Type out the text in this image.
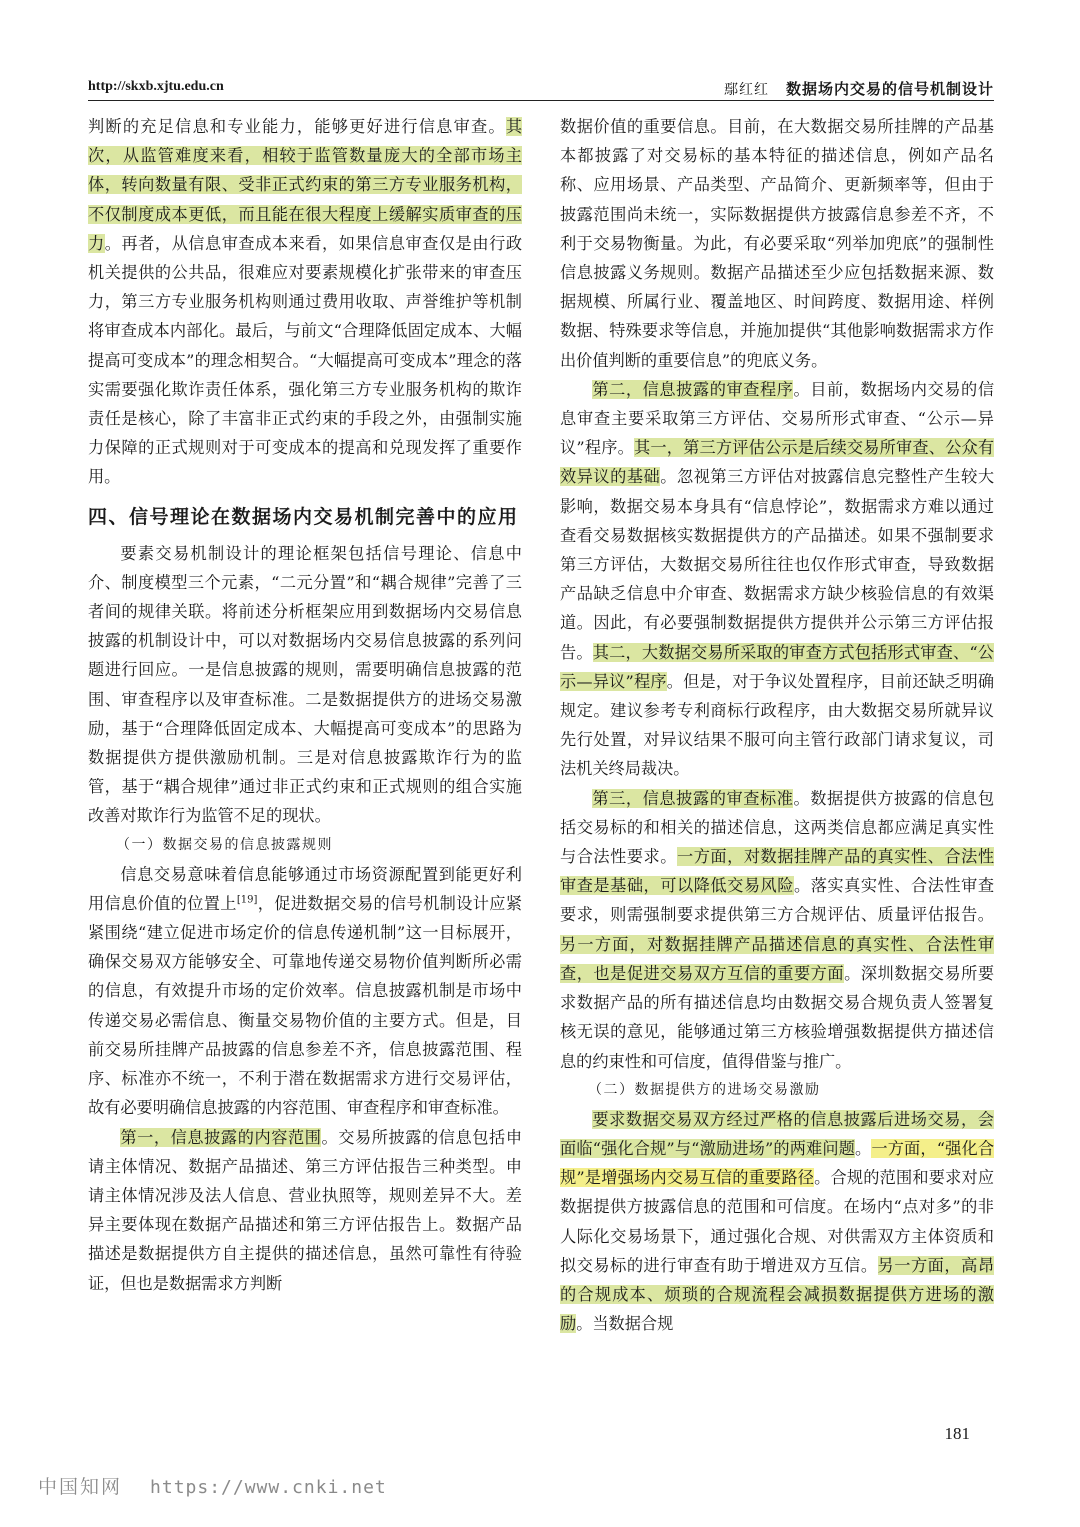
http://skxb.xjtu.edu.cn	鄢红红 数据场内交易的信号机制设计

判断的充足信息和专业能力，能够更好进行信息审查。其次，从监管难度来看，相较于监管数量庞大的全部市场主体，转向数量有限、受非正式约束的第三方专业服务机构，不仅制度成本更低，而且能在很大程度上缓解实质审查的压力。再者，从信息审查成本来看，如果信息审查仅是由行政机关提供的公共品，很难应对要素规模化扩张带来的审查压力，第三方专业服务机构则通过费用收取、声誉维护等机制将审查成本内部化。最后，与前文“合理降低固定成本、大幅提高可变成本”的理念相契合。“大幅提高可变成本”理念的落实需要强化欺诈责任体系，强化第三方专业服务机构的欺诈责任是核心，除了丰富非正式约束的手段之外，由强制实施力保障的正式规则对于可变成本的提高和兑现发挥了重要作用。

四、信号理论在数据场内交易机制完善中的应用

要素交易机制设计的理论框架包括信号理论、信息中介、制度模型三个元素，“二元分置”和“耦合规律”完善了三者间的规律关联。将前述分析框架应用到数据场内交易信息披露的机制设计中，可以对数据场内交易信息披露的系列问题进行回应。一是信息披露的规则，需要明确信息披露的范围、审查程序以及审查标准。二是数据提供方的进场交易激励，基于“合理降低固定成本、大幅提高可变成本”的思路为数据提供方提供激励机制。三是对信息披露欺诈行为的监管，基于“耦合规律”通过非正式约束和正式规则的组合实施改善对欺诈行为监管不足的现状。

（一）数据交易的信息披露规则

信息交易意味着信息能够通过市场资源配置到能更好利用信息价值的位置上[19]，促进数据交易的信号机制设计应紧紧围绕“建立促进市场定价的信息传递机制”这一目标展开，确保交易双方能够安全、可靠地传递交易物价值判断所必需的信息，有效提升市场的定价效率。信息披露机制是市场中传递交易必需信息、衡量交易物价值的主要方式。但是，目前交易所挂牌产品披露的信息参差不齐，信息披露范围、程序、标准亦不统一，不利于潜在数据需求方进行交易评估，故有必要明确信息披露的内容范围、审查程序和审查标准。

第一，信息披露的内容范围。交易所披露的信息包括申请主体情况、数据产品描述、第三方评估报告三种类型。申请主体情况涉及法人信息、营业执照等，规则差异不大。差异主要体现在数据产品描述和第三方评估报告上。数据产品描述是数据提供方自主提供的描述信息，虽然可靠性有待验证，但也是数据需求方判断

数据价值的重要信息。目前，在大数据交易所挂牌的产品基本都披露了对交易标的基本特征的描述信息，例如产品名称、应用场景、产品类型、产品简介、更新频率等，但由于披露范围尚未统一，实际数据提供方披露信息参差不齐，不利于交易物衡量。为此，有必要采取“列举加兜底”的强制性信息披露义务规则。数据产品描述至少应包括数据来源、数据规模、所属行业、覆盖地区、时间跨度、数据用途、样例数据、特殊要求等信息，并施加提供“其他影响数据需求方作出价值判断的重要信息”的兜底义务。

第二，信息披露的审查程序。目前，数据场内交易的信息审查主要采取第三方评估、交易所形式审查、“公示—异议”程序。其一，第三方评估公示是后续交易所审查、公众有效异议的基础。忽视第三方评估对披露信息完整性产生较大影响，数据交易本身具有“信息悖论”，数据需求方难以通过查看交易数据核实数据提供方的产品描述。如果不强制要求第三方评估，大数据交易所往往也仅作形式审查，导致数据产品缺乏信息中介审查、数据需求方缺少核验信息的有效渠道。因此，有必要强制数据提供方提供并公示第三方评估报告。其二，大数据交易所采取的审查方式包括形式审查、“公示—异议”程序。但是，对于争议处置程序，目前还缺乏明确规定。建议参考专利商标行政程序，由大数据交易所就异议先行处置，对异议结果不服可向主管行政部门请求复议，司法机关终局裁决。

第三，信息披露的审查标准。数据提供方披露的信息包括交易标的和相关的描述信息，这两类信息都应满足真实性与合法性要求。一方面，对数据挂牌产品的真实性、合法性审查是基础，可以降低交易风险。落实真实性、合法性审查要求，则需强制要求提供第三方合规评估、质量评估报告。另一方面，对数据挂牌产品描述信息的真实性、合法性审查，也是促进交易双方互信的重要方面。深圳数据交易所要求数据产品的所有描述信息均由数据交易合规负责人签署复核无误的意见，能够通过第三方核验增强数据提供方描述信息的约束性和可信度，值得借鉴与推广。

（二）数据提供方的进场交易激励

要求数据交易双方经过严格的信息披露后进场交易，会面临“强化合规”与“激励进场”的两难问题。一方面，“强化合规”是增强场内交易互信的重要路径。合规的范围和要求对应数据提供方披露信息的范围和可信度。在场内“点对多”的非人际化交易场景下，通过强化合规、对供需双方主体资质和拟交易标的进行审查有助于增进双方互信。另一方面，高昂的合规成本、烦琐的合规流程会减损数据提供方进场的激励。当数据合规

181
中国知网 https://www.cnki.net
